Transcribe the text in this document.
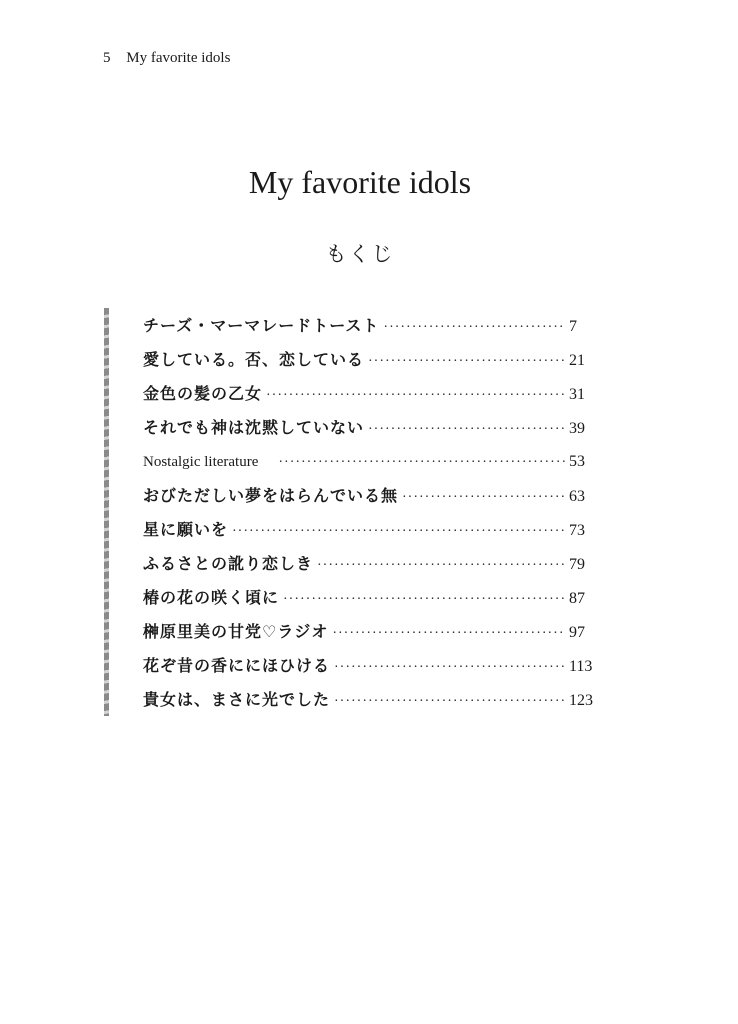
5 My favorite idols
My favorite idols
もくじ
チーズ・マーマレードトースト ·····	7
愛している。否、恋している ·····	21
金色の髪の乙女 ·····	31
それでも神は沈黙していない ·····	39
Nostalgic literature ·····	53
おびただしい夢をはらんでいる無 ·····	63
星に願いを ·····	73
ふるさとの訛り恋しき ·····	79
椿の花の咲く頃に ·····	87
榊原里美の甘党♡ラジオ ·····	97
花ぞ昔の香ににほひける ·····	113
貴女は、まさに光でした ·····	123
